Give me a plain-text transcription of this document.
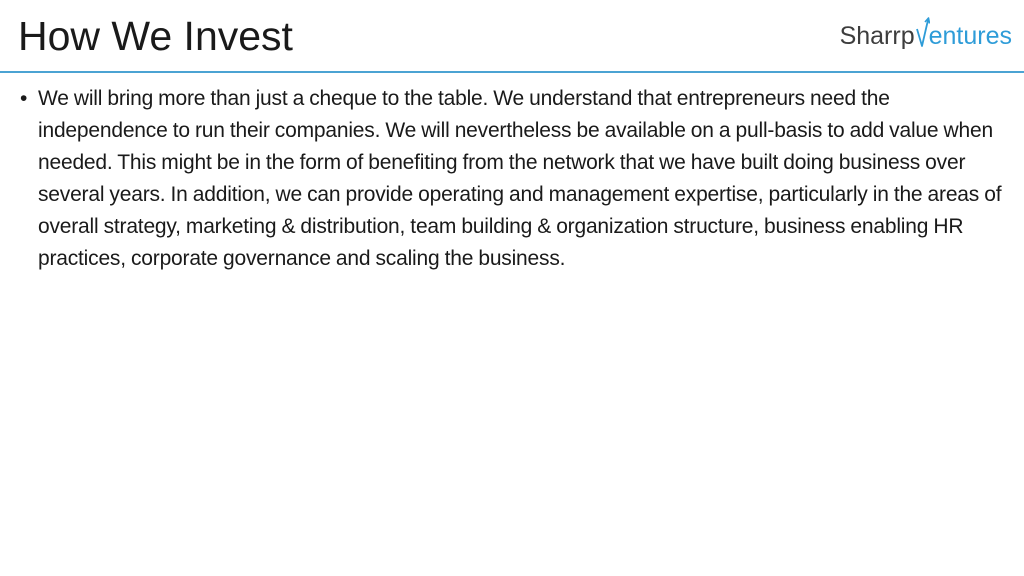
How We Invest	Sharrp entures
• We will bring more than just a cheque to the table. We understand that entrepreneurs need the independence to run their companies. We will nevertheless be available on a pull-basis to add value when needed. This might be in the form of benefiting from the network that we have built doing business over several years. In addition, we can provide operating and management expertise, particularly in the areas of overall strategy, marketing & distribution, team building & organization structure, business enabling HR practices, corporate governance and scaling the business.
